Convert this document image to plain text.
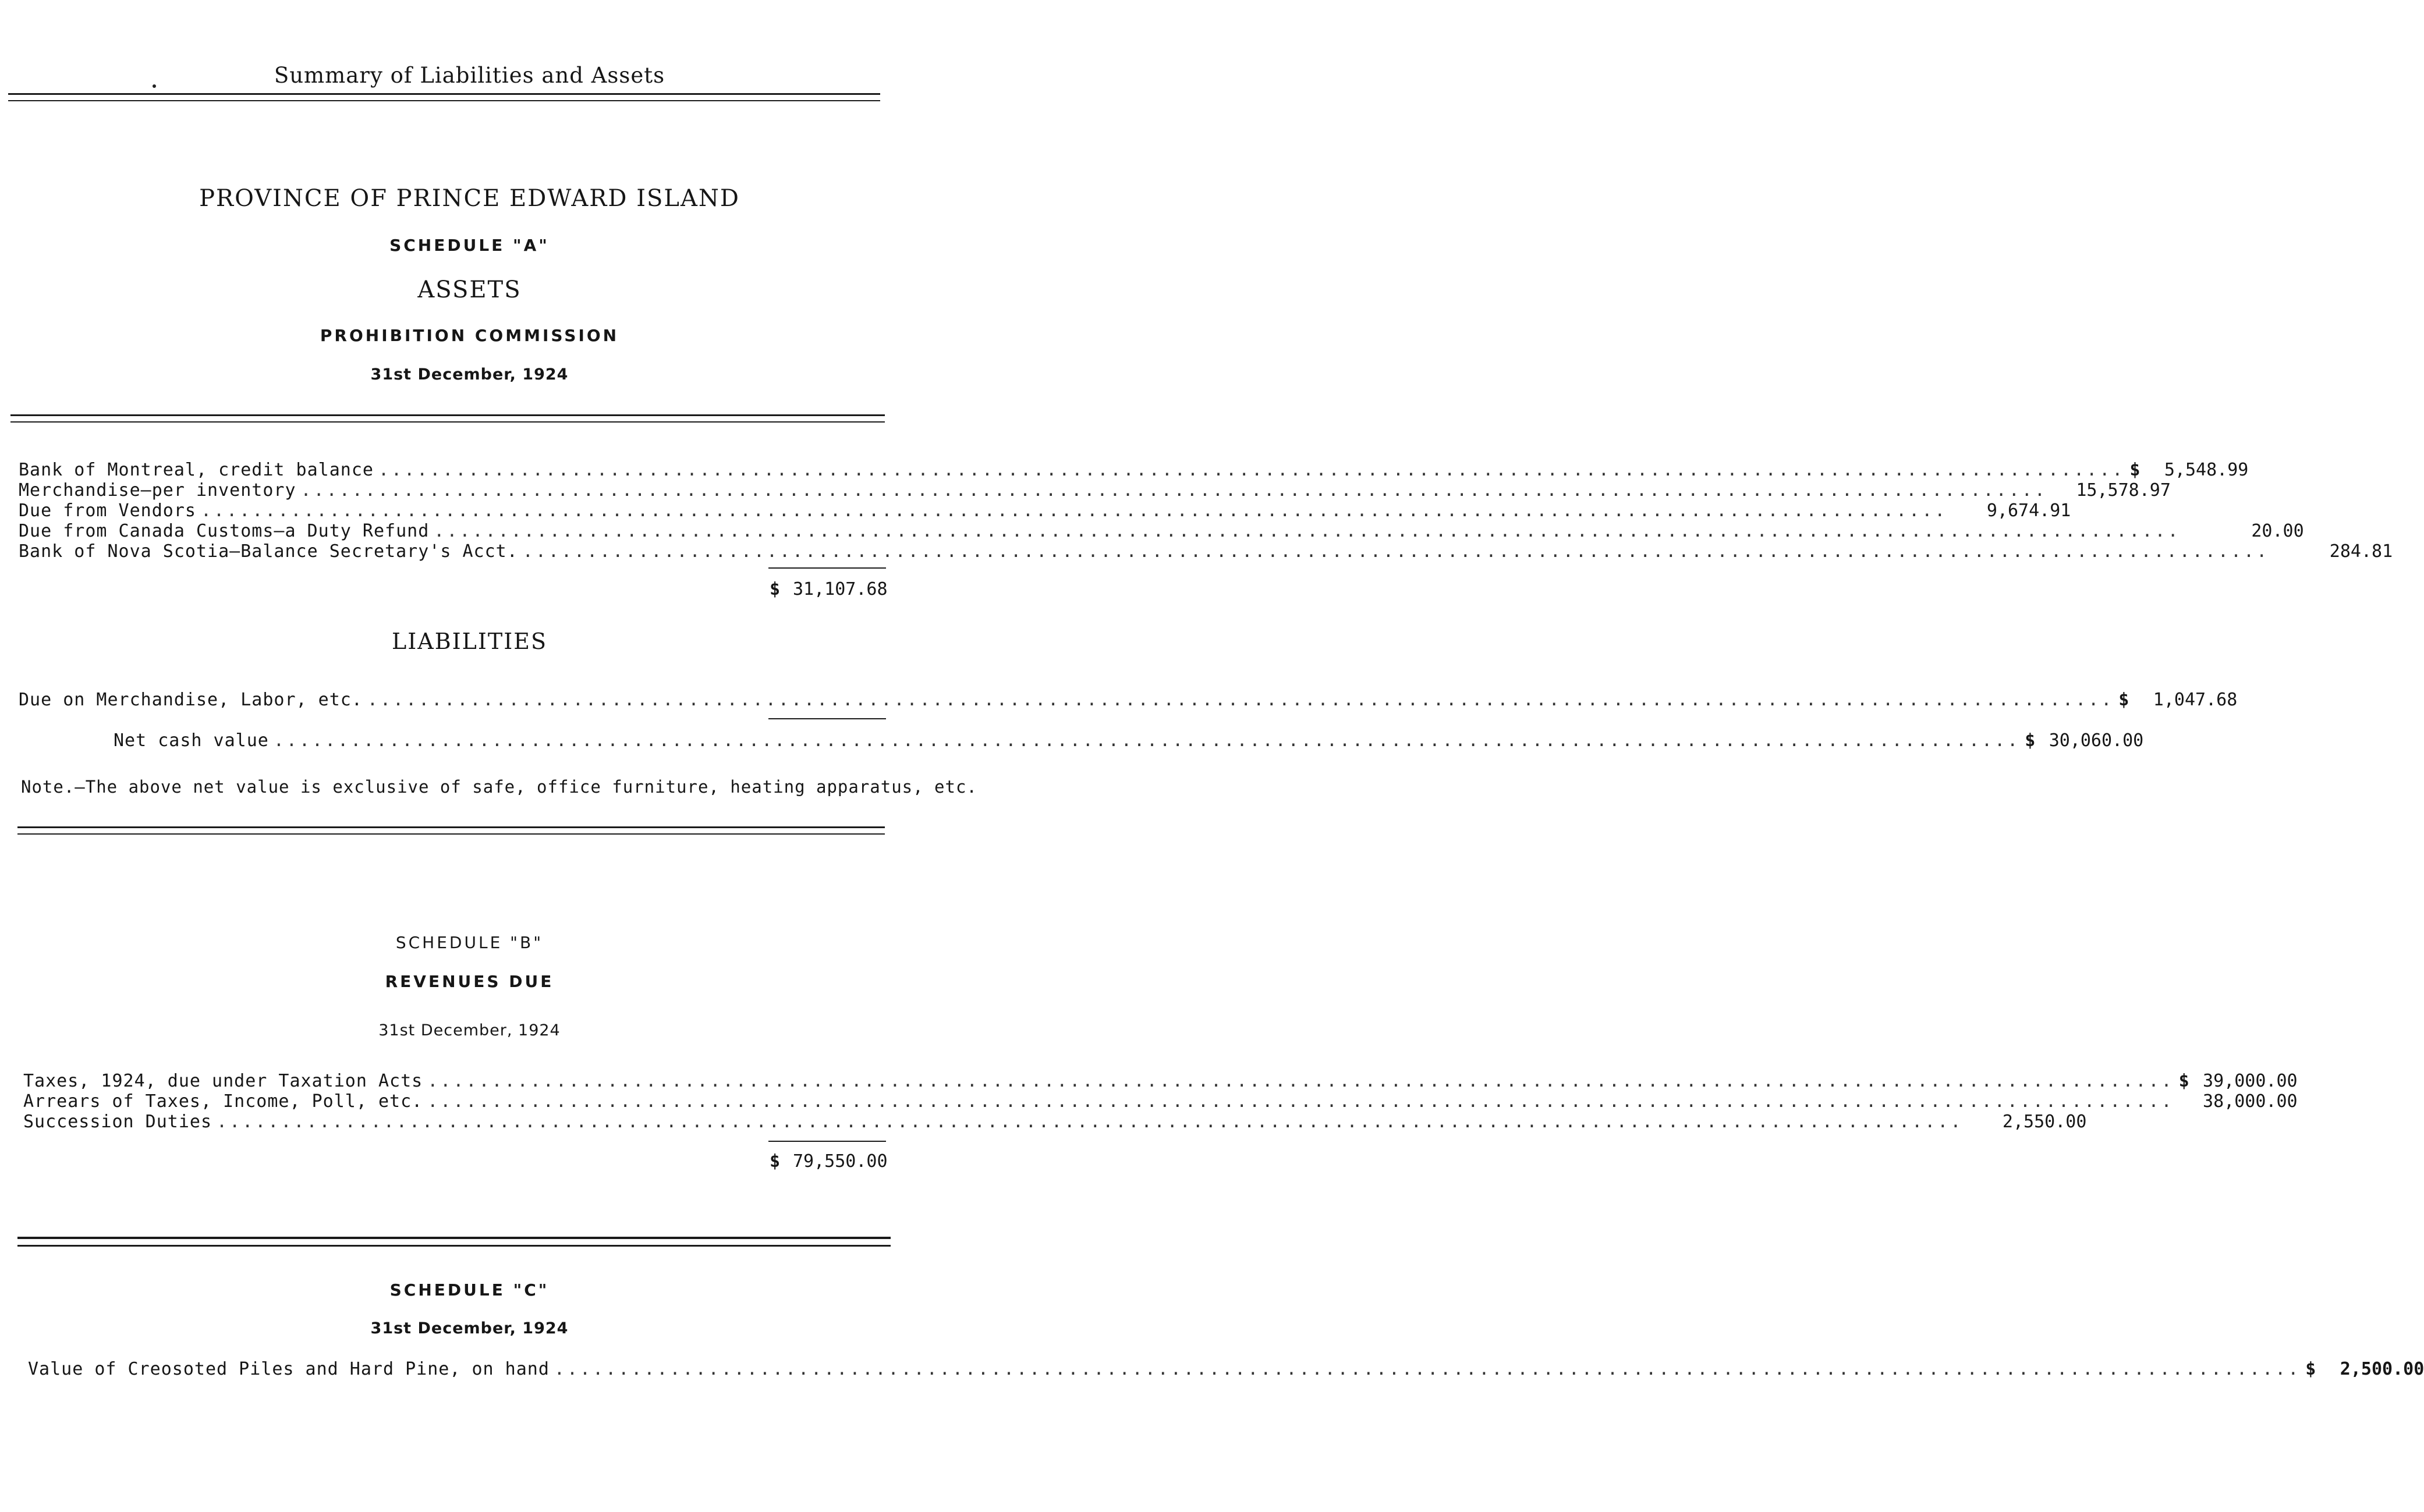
Summary of Liabilities and Assets
PROVINCE OF PRINCE EDWARD ISLAND
SCHEDULE "A"
ASSETS
PROHIBITION COMMISSION
31st December, 1924
Bank of Montreal, credit balance ........................................................................................................................................ $	5,548.99
Merchandise—per inventory ........................................................................................................................................	15,578.97
Due from Vendors ........................................................................................................................................	9,674.91
Due from Canada Customs—a Duty Refund ........................................................................................................................................	20.00
Bank of Nova Scotia—Balance Secretary's Acct. ........................................................................................................................................	284.81
$ 31,107.68
LIABILITIES
Due on Merchandise, Labor, etc. ........................................................................................................................................ $	1,047.68
Net cash value ........................................................................................................................................ $ 30,060.00
Note.—The above net value is exclusive of safe, office furniture, heating apparatus, etc.
SCHEDULE "B"
REVENUES DUE
31st December, 1924
Taxes, 1924, due under Taxation Acts ........................................................................................................................................ $ 39,000.00
Arrears of Taxes, Income, Poll, etc. ........................................................................................................................................	38,000.00
Succession Duties ........................................................................................................................................	2,550.00
$ 79,550.00
SCHEDULE "C"
31st December, 1924
Value of Creosoted Piles and Hard Pine, on hand ........................................................................................................................................ $	2,500.00
